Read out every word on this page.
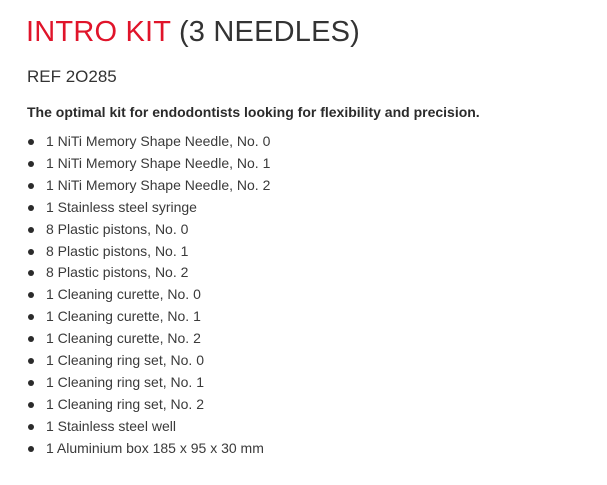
INTRO KIT (3 NEEDLES)
REF 2O285
The optimal kit for endodontists looking for flexibility and precision.
1 NiTi Memory Shape Needle, No. 0
1 NiTi Memory Shape Needle, No. 1
1 NiTi Memory Shape Needle, No. 2
1 Stainless steel syringe
8 Plastic pistons, No. 0
8 Plastic pistons, No. 1
8 Plastic pistons, No. 2
1 Cleaning curette, No. 0
1 Cleaning curette, No. 1
1 Cleaning curette, No. 2
1 Cleaning ring set, No. 0
1 Cleaning ring set, No. 1
1 Cleaning ring set, No. 2
1 Stainless steel well
1 Aluminium box 185 x 95 x 30 mm
